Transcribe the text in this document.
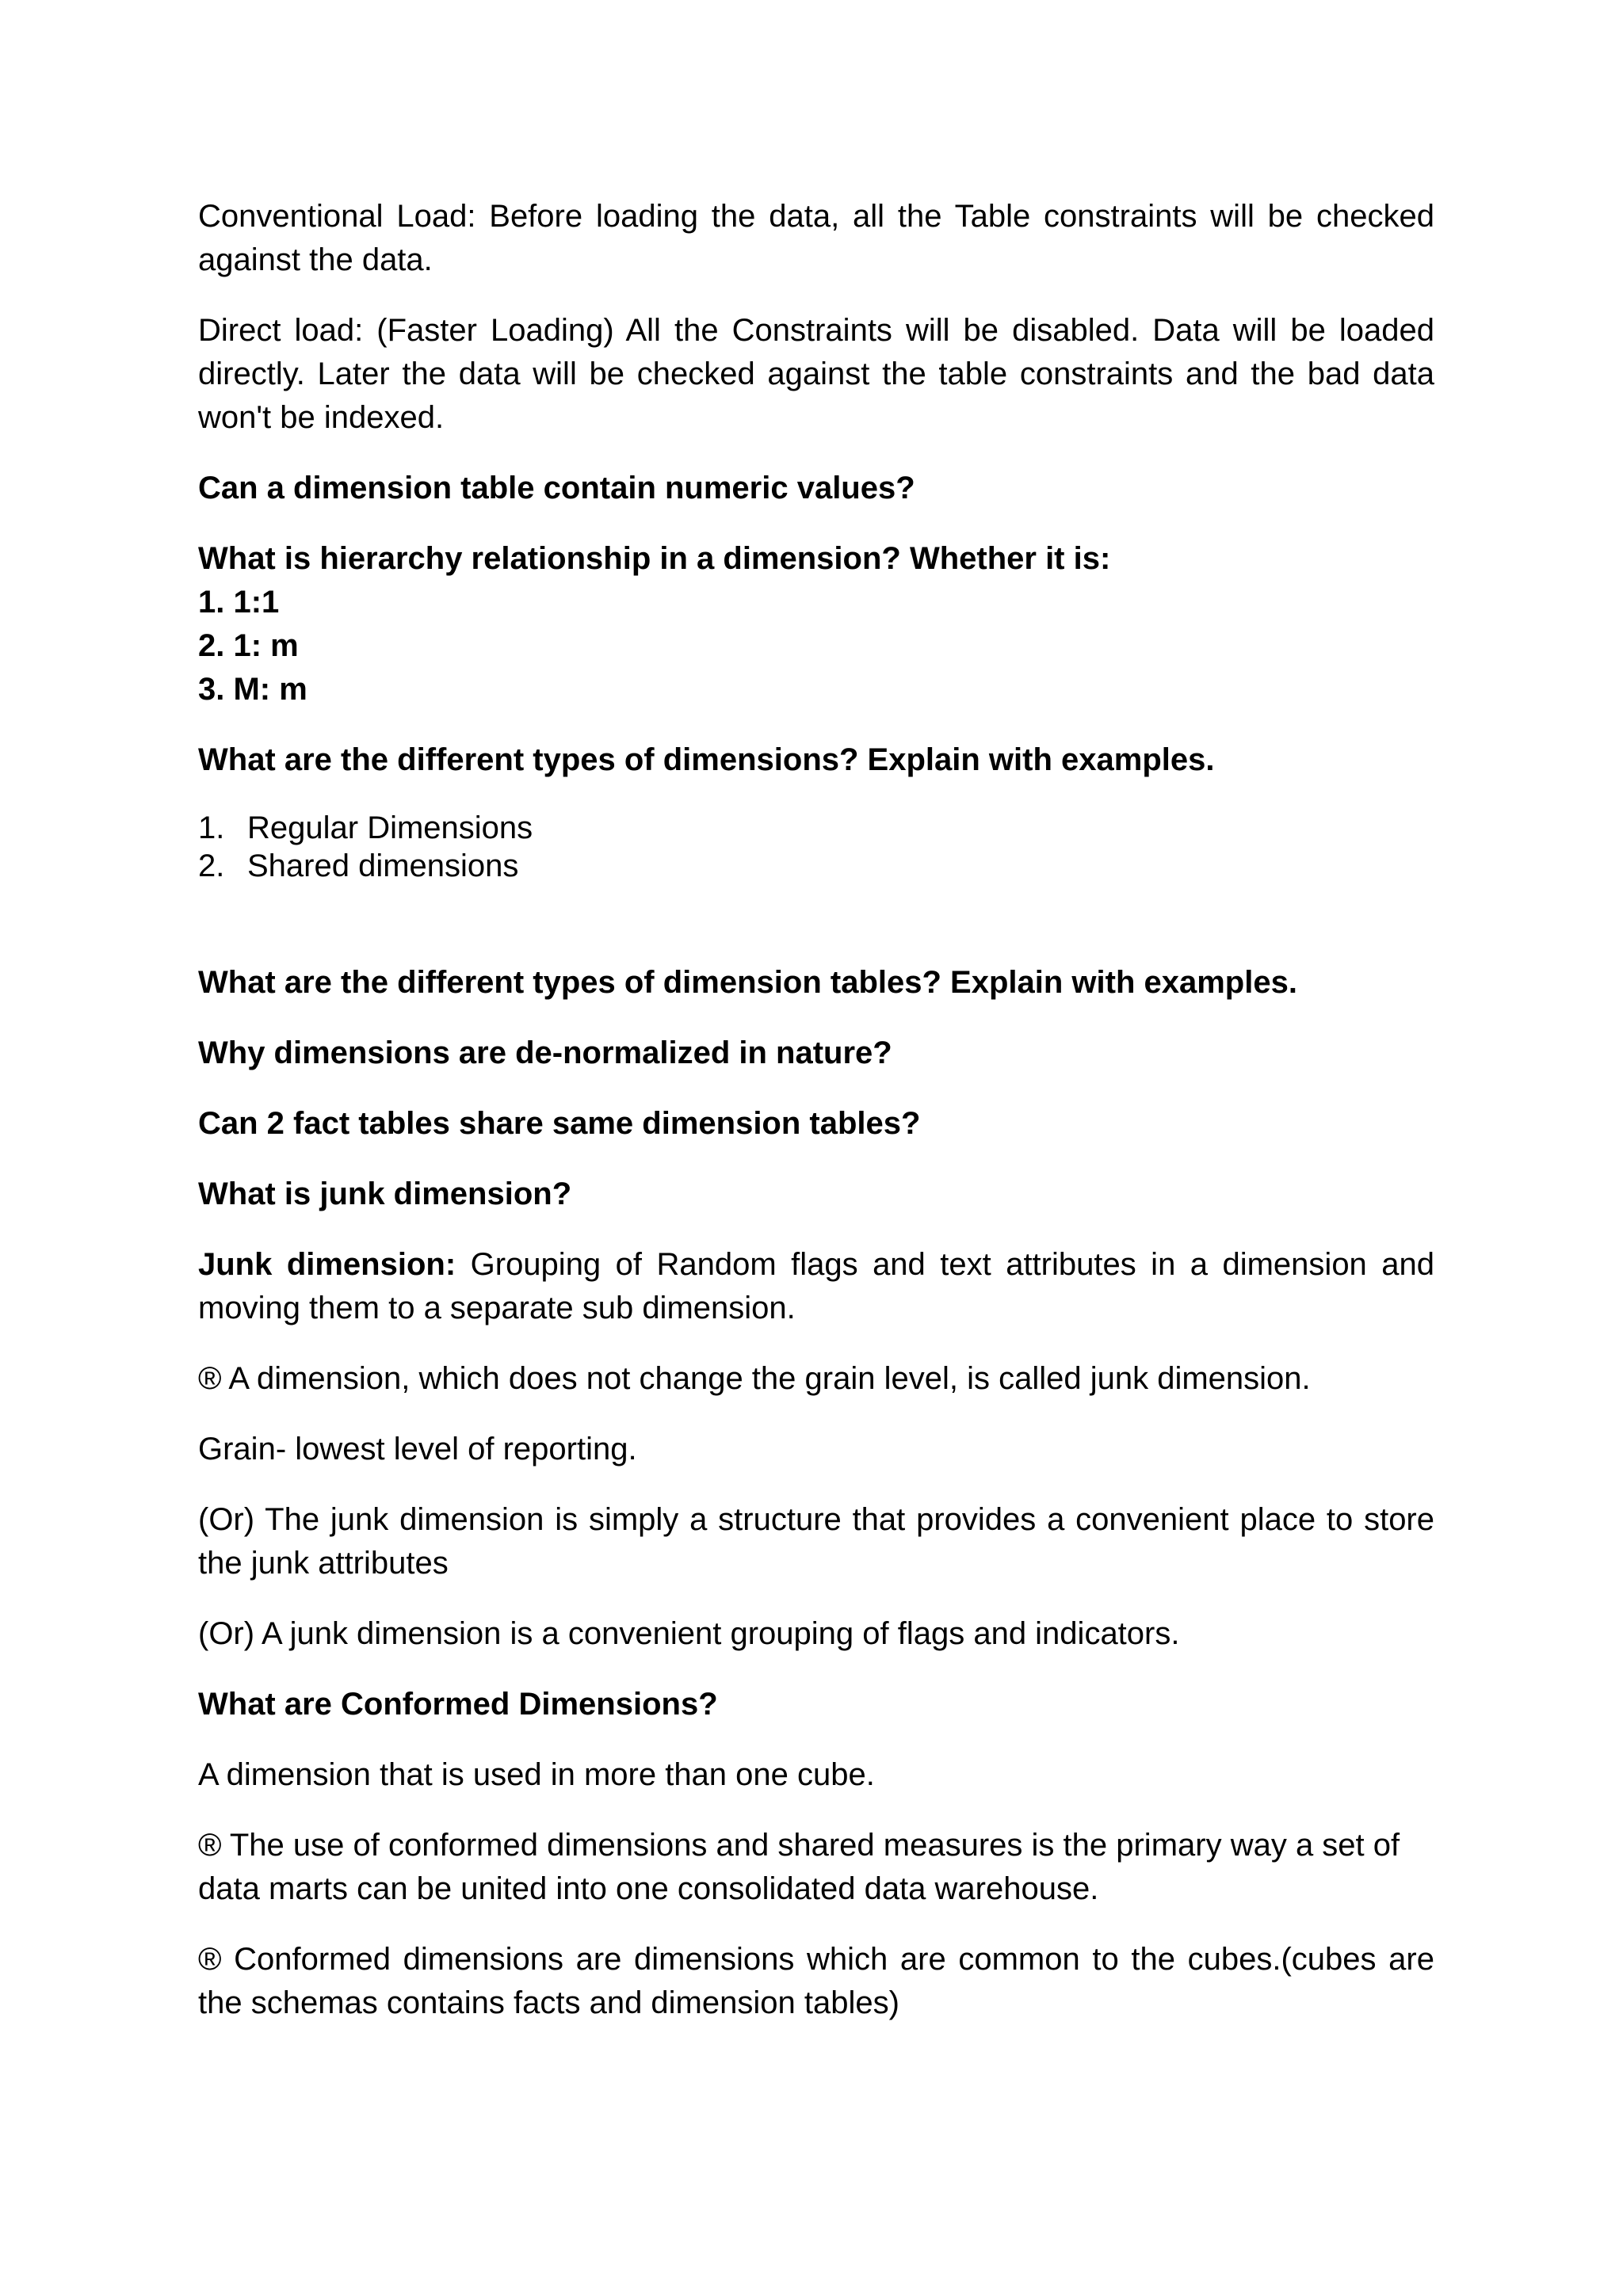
Conventional Load: Before loading the data, all the Table constraints will be checked against the data.

Direct load: (Faster Loading) All the Constraints will be disabled. Data will be loaded directly. Later the data will be checked against the table constraints and the bad data won't be indexed.

Can a dimension table contain numeric values?

What is hierarchy relationship in a dimension? Whether it is:
1. 1:1
2. 1: m
3. M: m

What are the different types of dimensions? Explain with examples.

1. Regular Dimensions
2. Shared dimensions

What are the different types of dimension tables? Explain with examples.

Why dimensions are de-normalized in nature?

Can 2 fact tables share same dimension tables?

What is junk dimension?

Junk dimension: Grouping of Random flags and text attributes in a dimension and moving them to a separate sub dimension.

® A dimension, which does not change the grain level, is called junk dimension.

Grain- lowest level of reporting.

(Or) The junk dimension is simply a structure that provides a convenient place to store the junk attributes

(Or) A junk dimension is a convenient grouping of flags and indicators.

What are Conformed Dimensions?

A dimension that is used in more than one cube.

® The use of conformed dimensions and shared measures is the primary way a set of data marts can be united into one consolidated data warehouse.

® Conformed dimensions are dimensions which are common to the cubes.(cubes are the schemas contains facts and dimension tables)
